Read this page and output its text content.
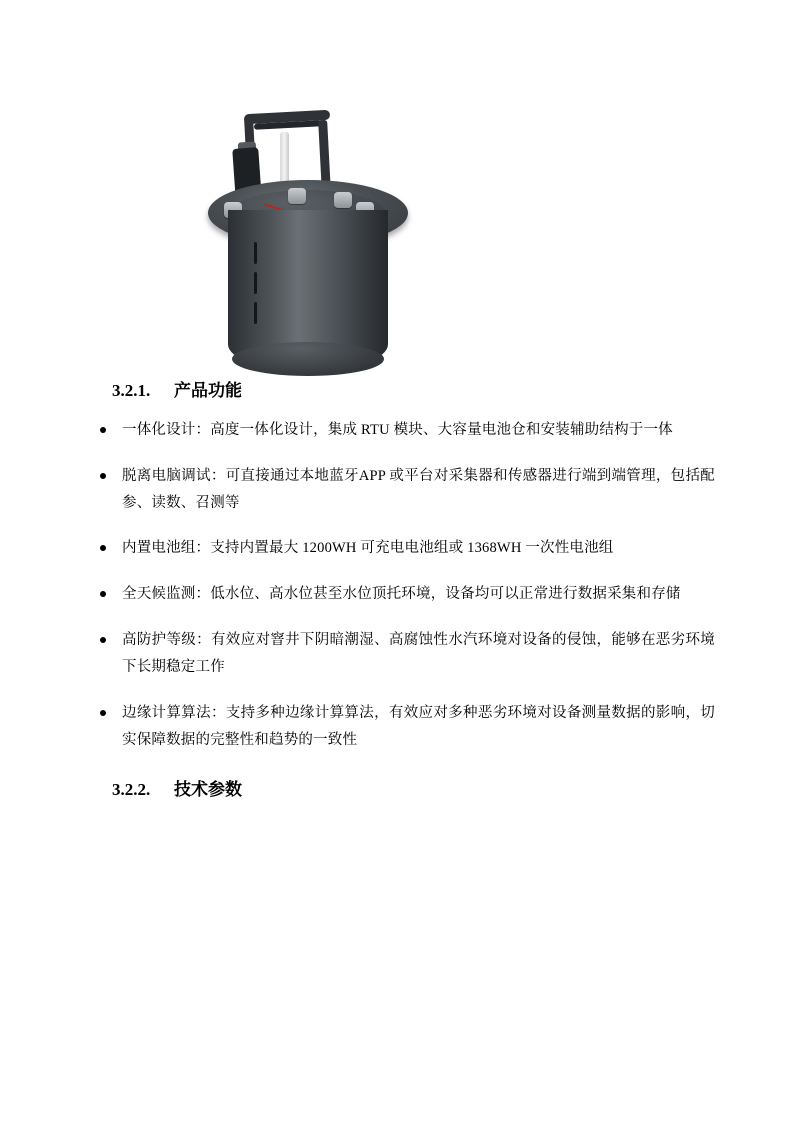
3.2.1. 产品功能
一体化设计：高度一体化设计，集成 RTU 模块、大容量电池仓和安装辅助结构于一体
脱离电脑调试：可直接通过本地蓝牙APP 或平台对采集器和传感器进行端到端管理，包括配参、读数、召测等
内置电池组：支持内置最大 1200WH 可充电电池组或 1368WH 一次性电池组
全天候监测：低水位、高水位甚至水位顶托环境，设备均可以正常进行数据采集和存储
高防护等级：有效应对窨井下阴暗潮湿、高腐蚀性水汽环境对设备的侵蚀，能够在恶劣环境下长期稳定工作
边缘计算算法：支持多种边缘计算算法，有效应对多种恶劣环境对设备测量数据的影响，切实保障数据的完整性和趋势的一致性
3.2.2. 技术参数
